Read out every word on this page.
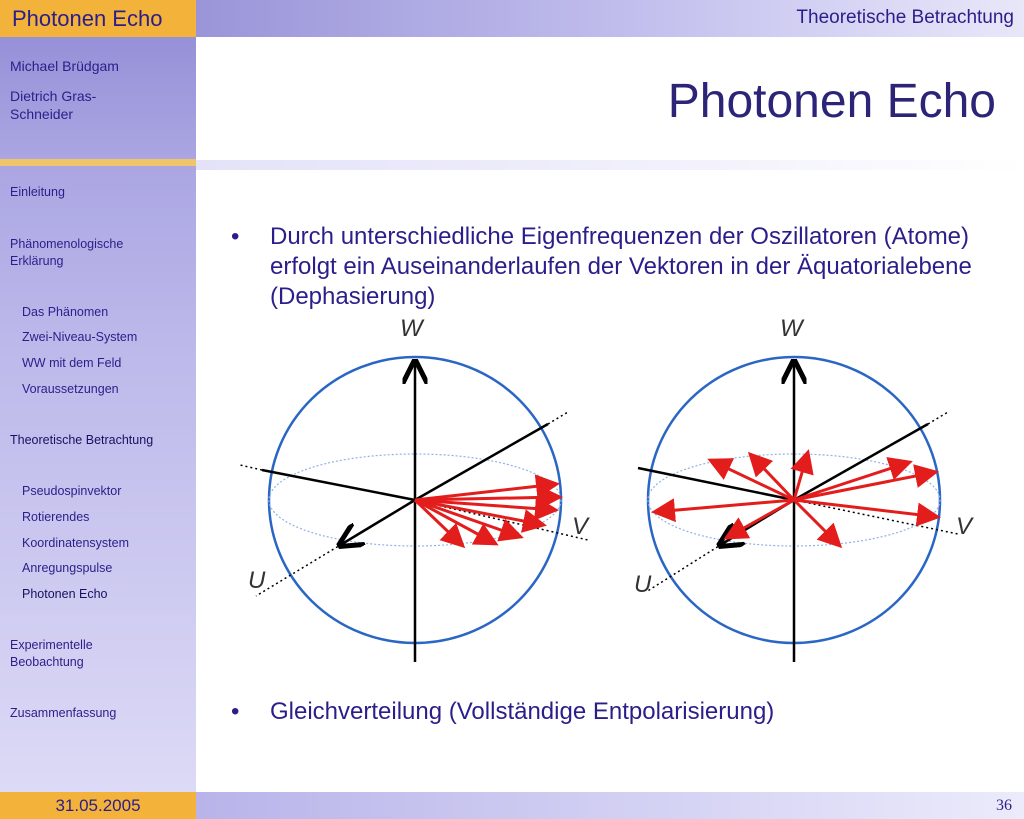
Photonen Echo	Theoretische Betrachtung
Michael Brüdgam
Dietrich Gras-Schneider
Einleitung
Phänomenologische Erklärung
Das Phänomen
Zwei-Niveau-System
WW mit dem Feld
Voraussetzungen
Theoretische Betrachtung
Pseudospinvektor
Rotierendes
Koordinatensystem
Anregungspulse
Photonen Echo
Experimentelle Beobachtung
Zusammenfassung
Photonen Echo
• Durch unterschiedliche Eigenfrequenzen der Oszillatoren (Atome) erfolgt ein Auseinanderlaufen der Vektoren in der Äquatorialebene (Dephasierung)
W
U
V
W
U
V
• Gleichverteilung (Vollständige Entpolarisierung)
31.05.2005	36
